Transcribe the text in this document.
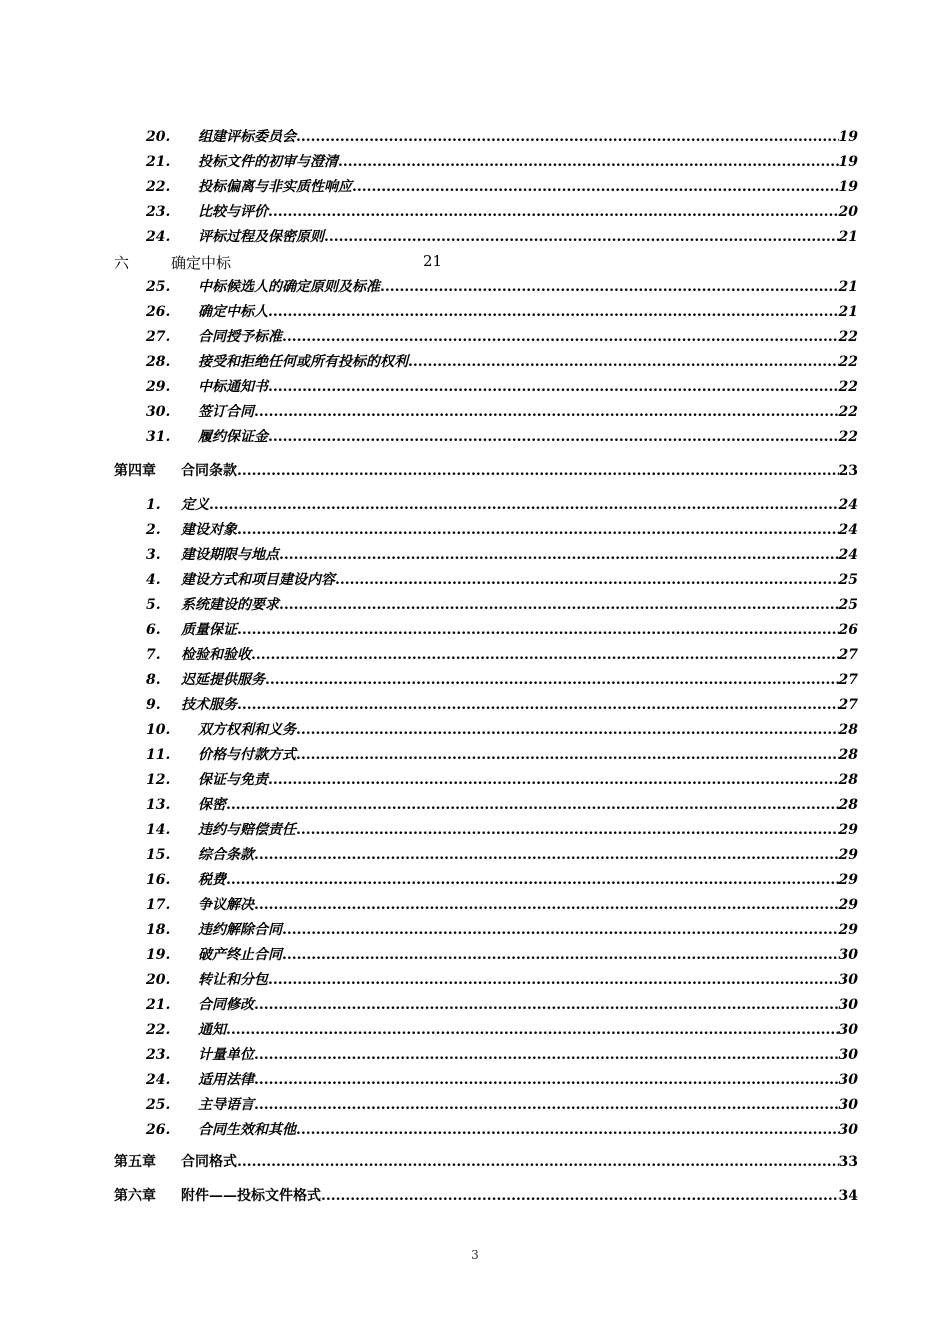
20. 组建评标委员会 .....	19
21. 投标文件的初审与澄清 .....	19
22. 投标偏离与非实质性响应 .....	19
23. 比较与评价 .....	20
24. 评标过程及保密原则 .....	21
六	确定中标	21
25. 中标候选人的确定原则及标准 .....	21
26. 确定中标人 .....	21
27. 合同授予标准 .....	22
28. 接受和拒绝任何或所有投标的权利 .....	22
29. 中标通知书 .....	22
30. 签订合同 .....	22
31. 履约保证金 .....	22
第四章 合同条款 .....	23
1. 定义 .....	24
2. 建设对象 .....	24
3. 建设期限与地点 .....	24
4. 建设方式和项目建设内容 .....	25
5. 系统建设的要求 .....	25
6. 质量保证 .....	26
7. 检验和验收 .....	27
8. 迟延提供服务 .....	27
9. 技术服务 .....	27
10. 双方权利和义务 .....	28
11. 价格与付款方式 .....	28
12. 保证与免责 .....	28
13. 保密 .....	28
14. 违约与赔偿责任 .....	29
15. 综合条款 .....	29
16. 税费 .....	29
17. 争议解决 .....	29
18. 违约解除合同 .....	29
19. 破产终止合同 .....	30
20. 转让和分包 .....	30
21. 合同修改 .....	30
22. 通知 .....	30
23. 计量单位 .....	30
24. 适用法律 .....	30
25. 主导语言 .....	30
26. 合同生效和其他 .....	30
第五章 合同格式 .....	33
第六章 附件——投标文件格式 .....	34
3
